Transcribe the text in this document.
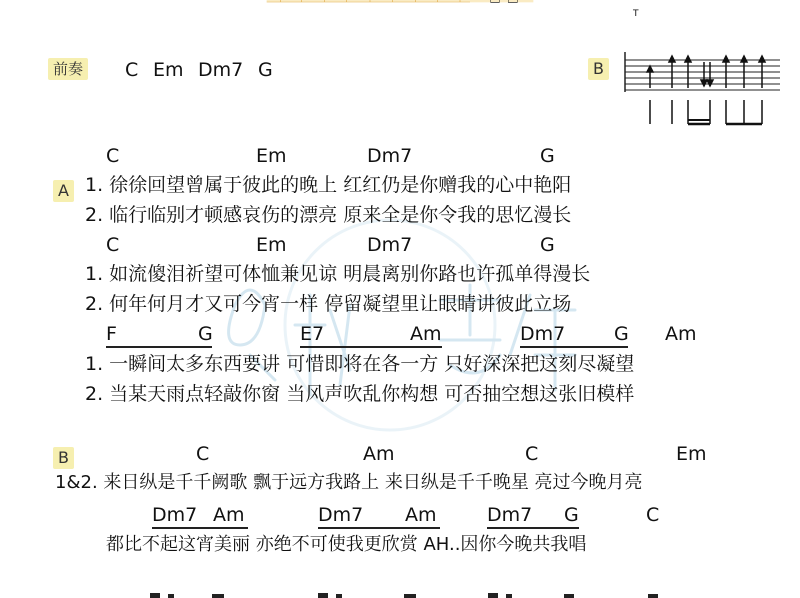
T
前奏 C Em Dm7 G	B
C	Em	Dm7	G
A 1. 徐徐回望曾属于彼此的晚上 红红仍是你赠我的心中艳阳
2. 临行临别才顿感哀伤的漂亮 原来全是你令我的思忆漫长
C	Em	Dm7	G
1. 如流傻泪祈望可体恤兼见谅 明晨离别你路也许孤单得漫长
2. 何年何月才又可今宵一样 停留凝望里让眼睛讲彼此立场
F	G	E7	Am	Dm7	G Am
1. 一瞬间太多东西要讲 可惜即将在各一方 只好深深把这刻尽凝望
2. 当某天雨点轻敲你窗 当风声吹乱你构想 可否抽空想这张旧模样
B	C	Am	C	Em
1&2. 来日纵是千千阙歌 飘于远方我路上 来日纵是千千晚星 亮过今晚月亮
Dm7 Am	Dm7 Am	Dm7 G	C
都比不起这宵美丽 亦绝不可使我更欣赏 AH..因你今晚共我唱
